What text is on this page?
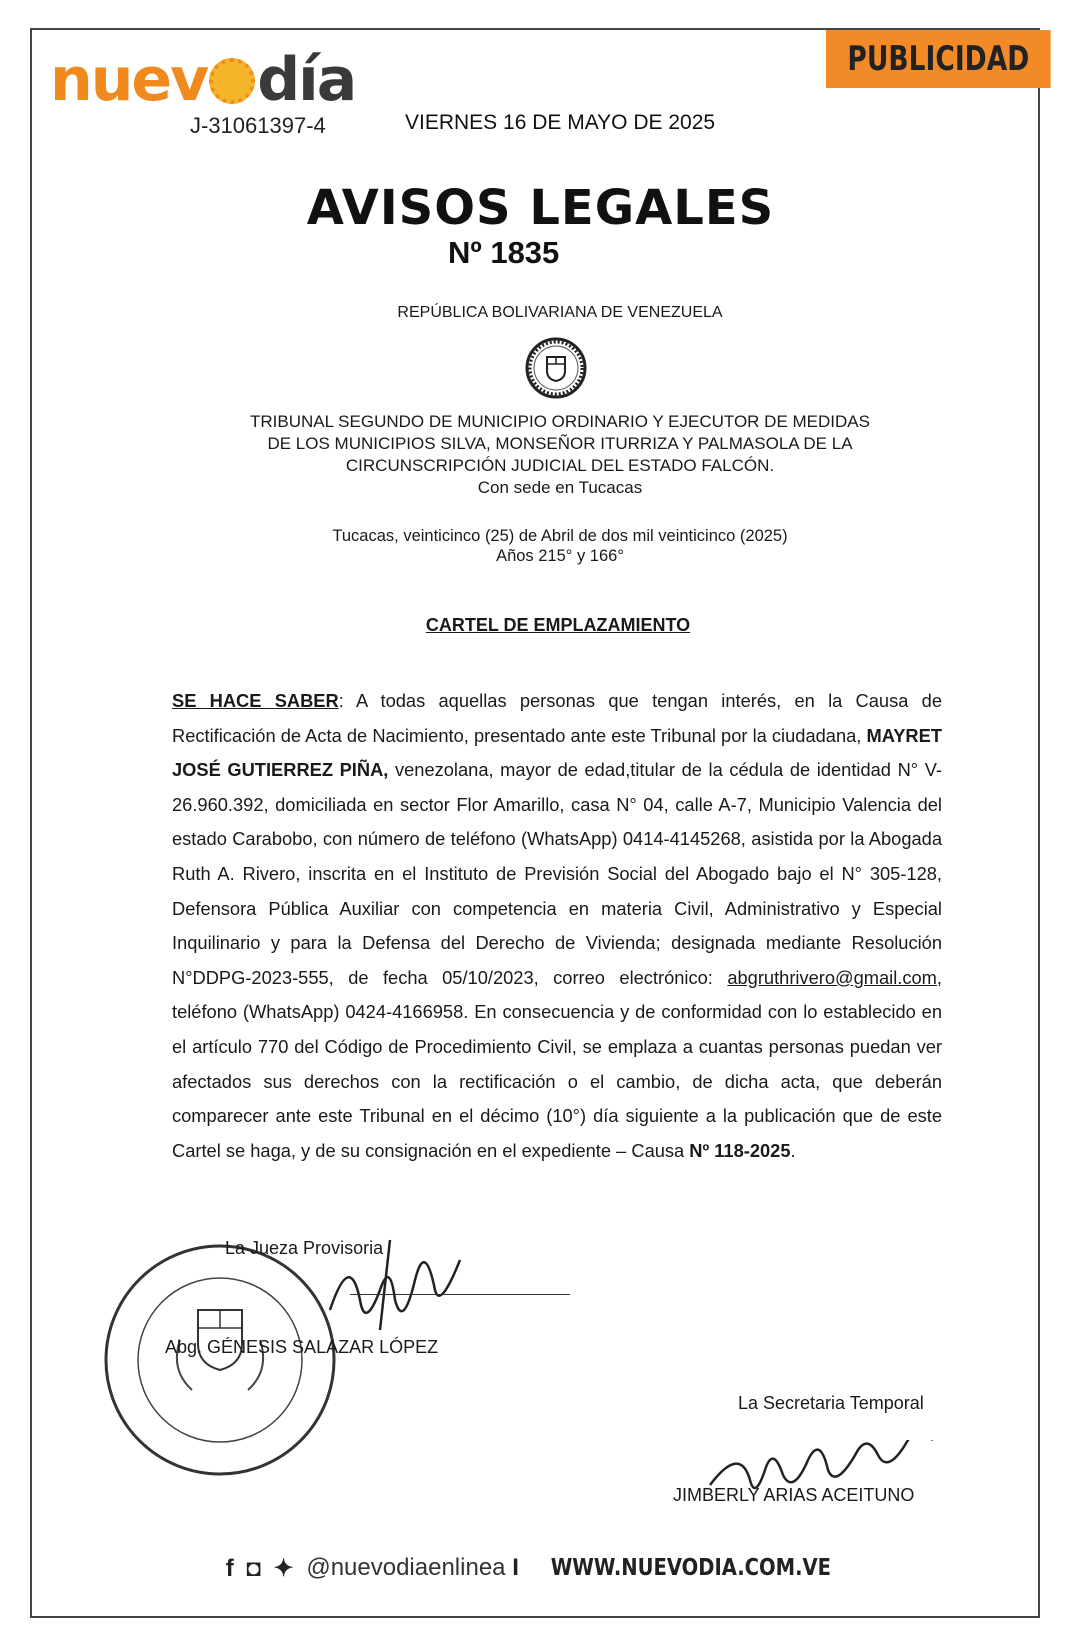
nuev día
J-31061397-4	VIERNES 16 DE MAYO DE 2025
PUBLICIDAD
AVISOS LEGALES
Nº 1835
REPÚBLICA BOLIVARIANA DE VENEZUELA
TRIBUNAL SEGUNDO DE MUNICIPIO ORDINARIO Y EJECUTOR DE MEDIDAS
DE LOS MUNICIPIOS SILVA, MONSEÑOR ITURRIZA Y PALMASOLA DE LA
CIRCUNSCRIPCIÓN JUDICIAL DEL ESTADO FALCÓN.
Con sede en Tucacas
Tucacas, veinticinco (25) de Abril de dos mil veinticinco (2025)
Años 215° y 166°
CARTEL DE EMPLAZAMIENTO
SE HACE SABER: A todas aquellas personas que tengan interés, en la Causa de Rectificación de Acta de Nacimiento, presentado ante este Tribunal por la ciudadana, MAYRET JOSÉ GUTIERREZ PIÑA, venezolana, mayor de edad,titular de la cédula de identidad N° V- 26.960.392, domiciliada en sector Flor Amarillo, casa N° 04, calle A-7, Municipio Valencia del estado Carabobo, con número de teléfono (WhatsApp) 0414-4145268, asistida por la Abogada Ruth A. Rivero, inscrita en el Instituto de Previsión Social del Abogado bajo el N° 305-128, Defensora Pública Auxiliar con competencia en materia Civil, Administrativo y Especial Inquilinario y para la Defensa del Derecho de Vivienda; designada mediante Resolución N°DDPG-2023-555, de fecha 05/10/2023, correo electrónico: abgruthrivero@gmail.com, teléfono (WhatsApp) 0424-4166958. En consecuencia y de conformidad con lo establecido en el artículo 770 del Código de Procedimiento Civil, se emplaza a cuantas personas puedan ver afectados sus derechos con la rectificación o el cambio, de dicha acta, que deberán comparecer ante este Tribunal en el décimo (10°) día siguiente a la publicación que de este Cartel se haga, y de su consignación en el expediente – Causa Nº 118-2025.
La Jueza Provisoria
Abg. GÉNESIS SALAZAR LÓPEZ
La Secretaria Temporal
JIMBERLY ARIAS ACEITUNO
f ◘ ✦ @nuevodiaenlinea I WWW.NUEVODIA.COM.VE
